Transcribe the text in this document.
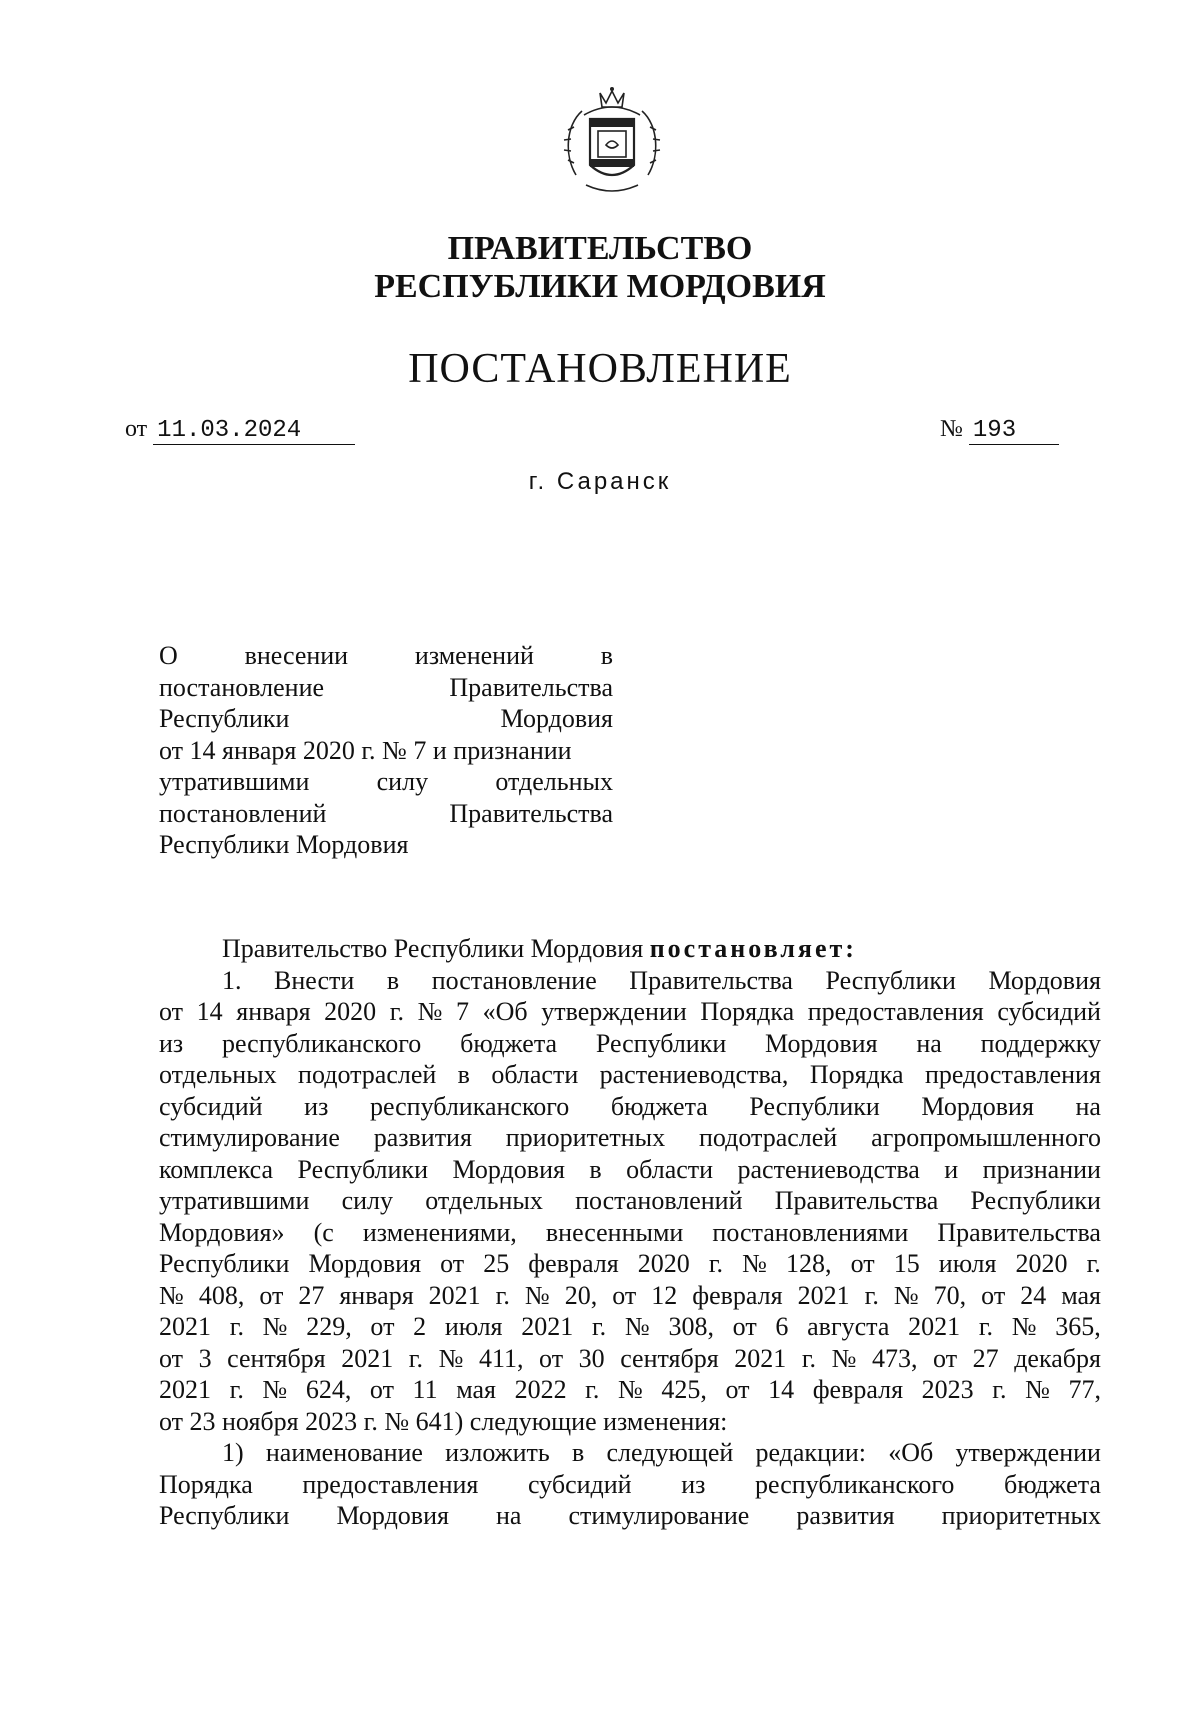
ПРАВИТЕЛЬСТВО
РЕСПУБЛИКИ МОРДОВИЯ
ПОСТАНОВЛЕНИЕ
от 11.03.2024	№ 193
г. Саранск
О	внесении	изменений	в
постановление	Правительства
Республики	Мордовия
от 14 января 2020 г. № 7 и признании
утратившими	силу	отдельных
постановлений	Правительства
Республики Мордовия
Правительство Республики Мордовия постановляет:
1. Внести в постановление Правительства Республики Мордовия
от 14 января 2020 г. № 7 «Об утверждении Порядка предоставления субсидий
из республиканского бюджета Республики Мордовия на поддержку
отдельных подотраслей в области растениеводства, Порядка предоставления
субсидий из республиканского бюджета Республики Мордовия на
стимулирование развития приоритетных подотраслей агропромышленного
комплекса Республики Мордовия в области растениеводства и признании
утратившими силу отдельных постановлений Правительства Республики
Мордовия» (с изменениями, внесенными постановлениями Правительства
Республики Мордовия от 25 февраля 2020 г. № 128, от 15 июля 2020 г.
№ 408, от 27 января 2021 г. № 20, от 12 февраля 2021 г. № 70, от 24 мая
2021 г. № 229, от 2 июля 2021 г. № 308, от 6 августа 2021 г. № 365,
от 3 сентября 2021 г. № 411, от 30 сентября 2021 г. № 473, от 27 декабря
2021 г. № 624, от 11 мая 2022 г. № 425, от 14 февраля 2023 г. № 77,
от 23 ноября 2023 г. № 641) следующие изменения:
1) наименование изложить в следующей редакции: «Об утверждении
Порядка предоставления субсидий из республиканского бюджета
Республики Мордовия на стимулирование развития приоритетных
